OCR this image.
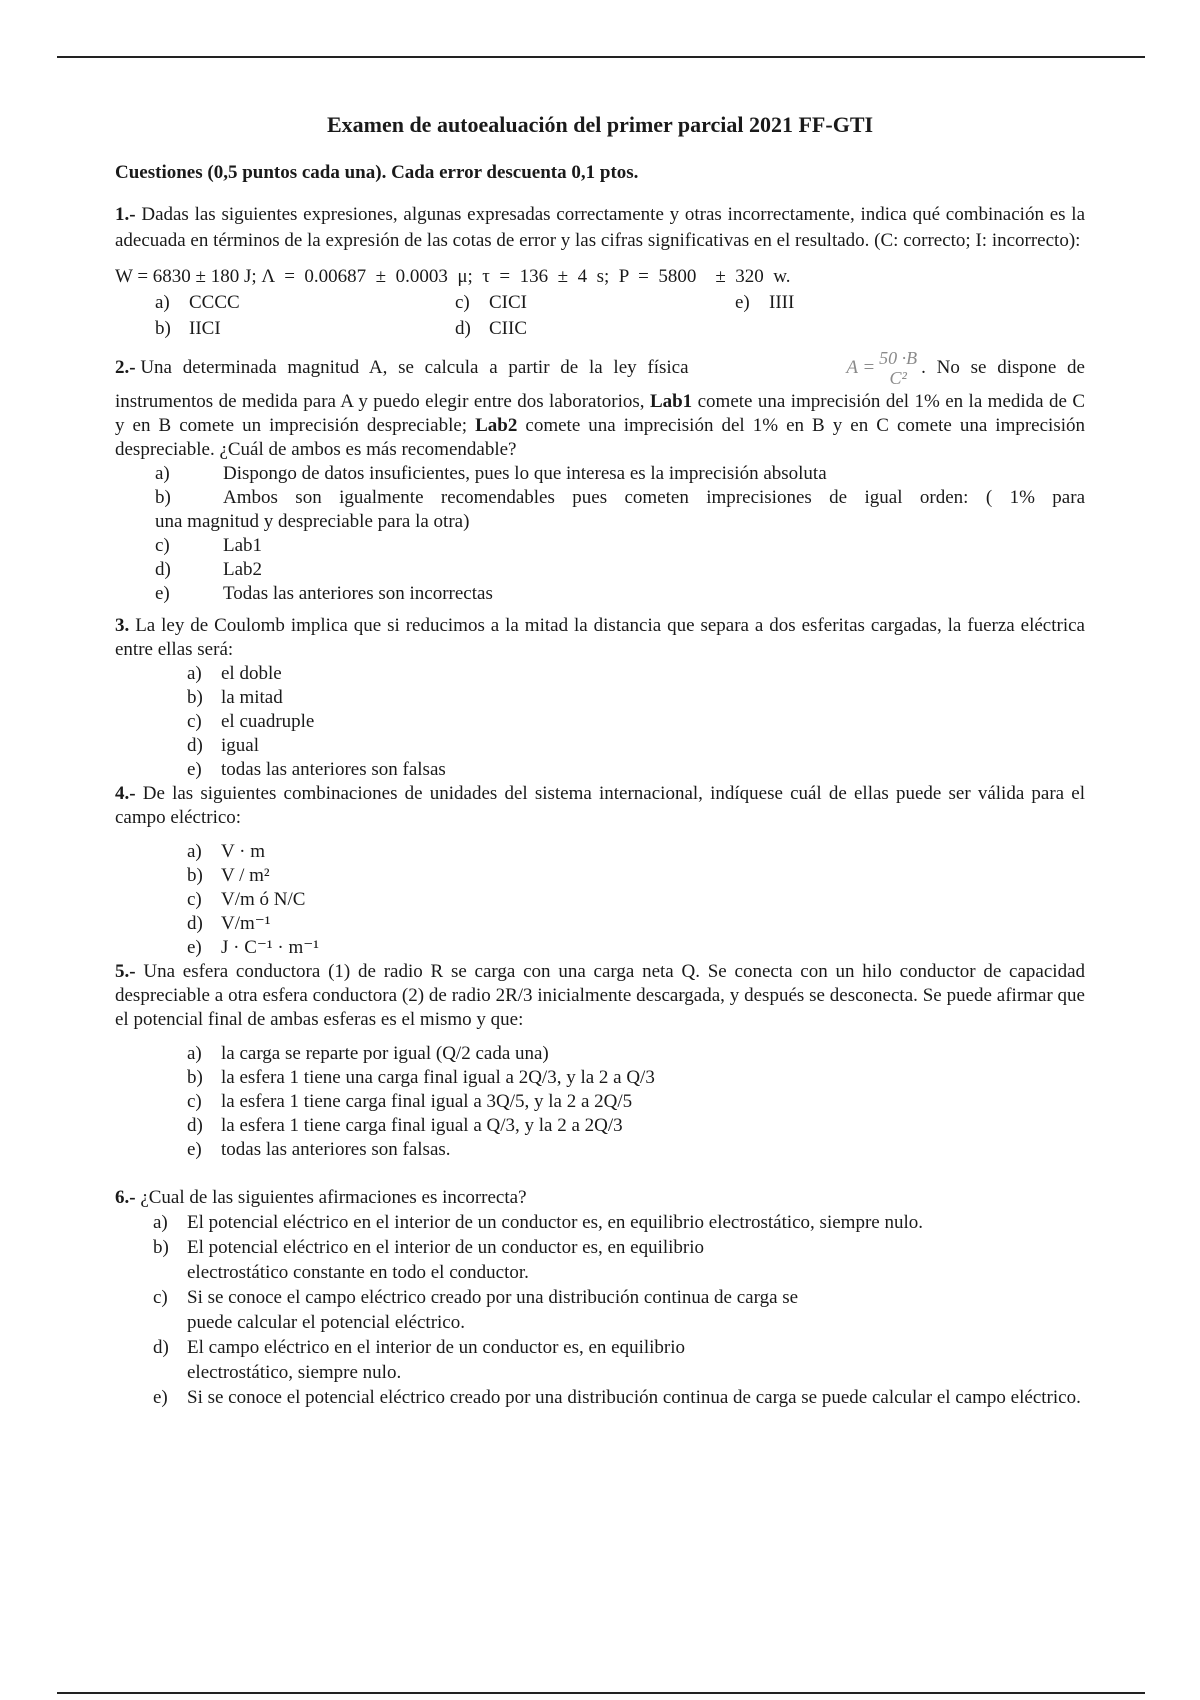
Examen de autoealuación del primer parcial 2021 FF-GTI
Cuestiones (0,5 puntos cada una). Cada error descuenta 0,1 ptos.

1.- Dadas las siguientes expresiones, algunas expresadas correctamente y otras incorrectamente, indica qué combinación es la adecuada en términos de la expresión de las cotas de error y las cifras significativas en el resultado. (C: correcto; I: incorrecto):

W = 6830 ± 180 J; Λ  =  0.00687  ±  0.0003  μ;  τ  =  136  ±  4  s;  P  =  5800    ±  320  w.

a)	CCCC	c)	CICI	e)	IIII
b) IICI	d) CIIC
2.- Una determinada magnitud A, se calcula a partir de la ley física	A = 50 ·B
C² . No se dispone de

instrumentos de medida para A y puedo elegir entre dos laboratorios, Lab1 comete una imprecisión del 1% en la medida de C y en B comete un imprecisión despreciable; Lab2 comete una imprecisión del 1% en B y en C comete una imprecisión despreciable. ¿Cuál de ambos es más recomendable?

a)	Dispongo de datos insuficientes, pues lo que interesa es la imprecisión absoluta
b)	Ambos son igualmente recomendables pues cometen imprecisiones de igual orden: ( 1% para
una magnitud y despreciable para la otra)
c)	Lab1
d)	Lab2
e)	Todas las anteriores son incorrectas

3. La ley de Coulomb implica que si reducimos a la mitad la distancia que separa a dos esferitas cargadas, la fuerza eléctrica entre ellas será:

a)	el doble
b) la mitad
c)	el cuadruple
d) igual
e)	todas las anteriores son falsas

4.- De las siguientes combinaciones de unidades del sistema internacional, indíquese cuál de ellas puede ser válida para el campo eléctrico:

a)	V · m
b) V / m²
c)	V/m ó N/C
d) V/m⁻¹
e)	J · C⁻¹ · m⁻¹

5.- Una esfera conductora (1) de radio R se carga con una carga neta Q. Se conecta con un hilo conductor de capacidad despreciable a otra esfera conductora (2) de radio 2R/3 inicialmente descargada, y después se desconecta. Se puede afirmar que el potencial final de ambas esferas es el mismo y que:

a)	la carga se reparte por igual (Q/2 cada una)
b) la esfera 1 tiene una carga final igual a 2Q/3, y la 2 a Q/3
c)	la esfera 1 tiene carga final igual a 3Q/5, y la 2 a 2Q/5
d) la esfera 1 tiene carga final igual a Q/3, y la 2 a 2Q/3
e)	todas las anteriores son falsas.

6.- ¿Cual de las siguientes afirmaciones es incorrecta?

a)	El potencial eléctrico en el interior de un conductor es, en equilibrio electrostático, siempre nulo.
b) El potencial eléctrico en el interior de un conductor es, en equilibrio electrostático constante en todo el conductor.
c)	Si se conoce el campo eléctrico creado por una distribución continua de carga se puede calcular el potencial eléctrico.
d) El campo eléctrico en el interior de un conductor es, en equilibrio electrostático, siempre nulo.
e)	Si se conoce el potencial eléctrico creado por una distribución continua de carga se puede calcular el campo eléctrico.
